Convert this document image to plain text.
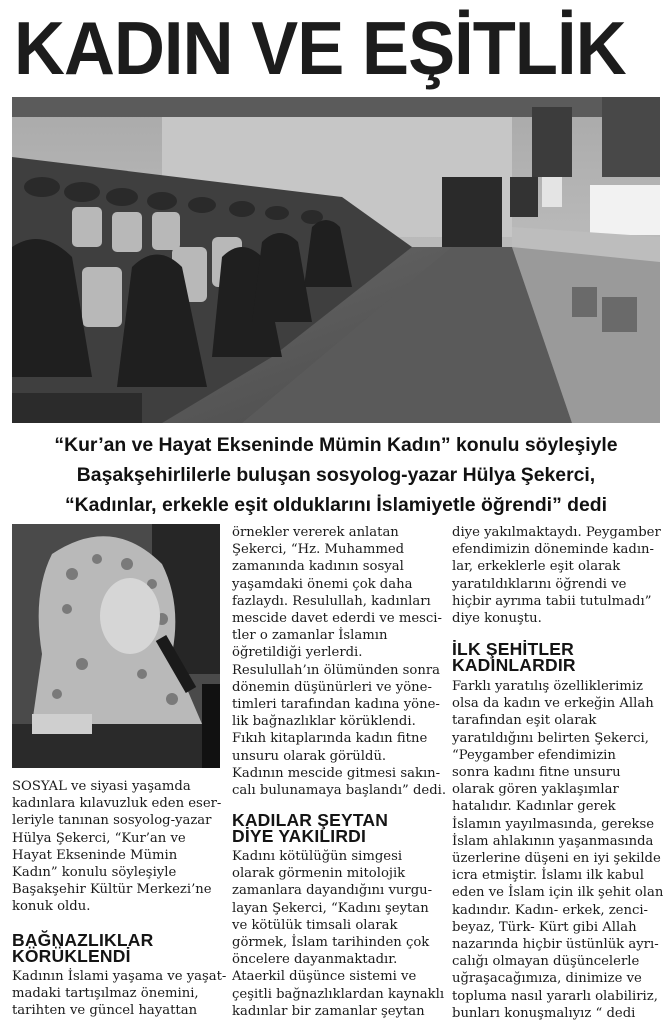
KADIN VE EŞİTLİK
“Kur’an ve Hayat Ekseninde Mümin Kadın” konulu söyleşiyle
Başakşehirlilerle buluşan sosyolog-yazar Hülya Şekerci,
“Kadınlar, erkekle eşit olduklarını İslamiyetle öğrendi” dedi
SOSYAL ve siyasi yaşamda
kadınlara kılavuzluk eden eser-
leriyle tanınan sosyolog-yazar
Hülya Şekerci, “Kur’an ve
Hayat Ekseninde Mümin
Kadın” konulu söyleşiyle
Başakşehir Kültür Merkezi’ne
konuk oldu.
BAĞNAZLIKLAR
KÖRÜKLENDİ
Kadının İslami yaşama ve yaşat-
madaki tartışılmaz önemini,
tarihten ve güncel hayattan
örnekler vererek anlatan
Şekerci, “Hz. Muhammed
zamanında kadının sosyal
yaşamdaki önemi çok daha
fazlaydı. Resulullah, kadınları
mescide davet ederdi ve mesci-
tler o zamanlar İslamın
öğretildiği yerlerdi.
Resulullah’ın ölümünden sonra
dönemin düşünürleri ve yöne-
timleri tarafından kadına yöne-
lik bağnazlıklar körüklendi.
Fıkıh kitaplarında kadın fitne
unsuru olarak görüldü.
Kadının mescide gitmesi sakın-
calı bulunamaya başlandı” dedi.
KADILAR ŞEYTAN
DİYE YAKILIRDI
Kadını kötülüğün simgesi
olarak görmenin mitolojik
zamanlara dayandığını vurgu-
layan Şekerci, “Kadını şeytan
ve kötülük timsali olarak
görmek, İslam tarihinden çok
öncelere dayanmaktadır.
Ataerkil düşünce sistemi ve
çeşitli bağnazlıklardan kaynaklı
kadınlar bir zamanlar şeytan
diye yakılmaktaydı. Peygamber
efendimizin döneminde kadın-
lar, erkeklerle eşit olarak
yaratıldıklarını öğrendi ve
hiçbir ayrıma tabii tutulmadı”
diye konuştu.
İLK ŞEHİTLER
KADINLARDIR
Farklı yaratılış özelliklerimiz
olsa da kadın ve erkeğin Allah
tarafından eşit olarak
yaratıldığını belirten Şekerci,
“Peygamber efendimizin
sonra kadını fitne unsuru
olarak gören yaklaşımlar
hatalıdır. Kadınlar gerek
İslamın yayılmasında, gerekse
İslam ahlakının yaşanmasında
üzerlerine düşeni en iyi şekilde
icra etmiştir. İslamı ilk kabul
eden ve İslam için ilk şehit olan
kadındır. Kadın- erkek, zenci-
beyaz, Türk- Kürt gibi Allah
nazarında hiçbir üstünlük ayrı-
calığı olmayan düşüncelerle
uğraşacağımıza, dinimize ve
topluma nasıl yararlı olabiliriz,
bunları konuşmalıyız “ dedi
